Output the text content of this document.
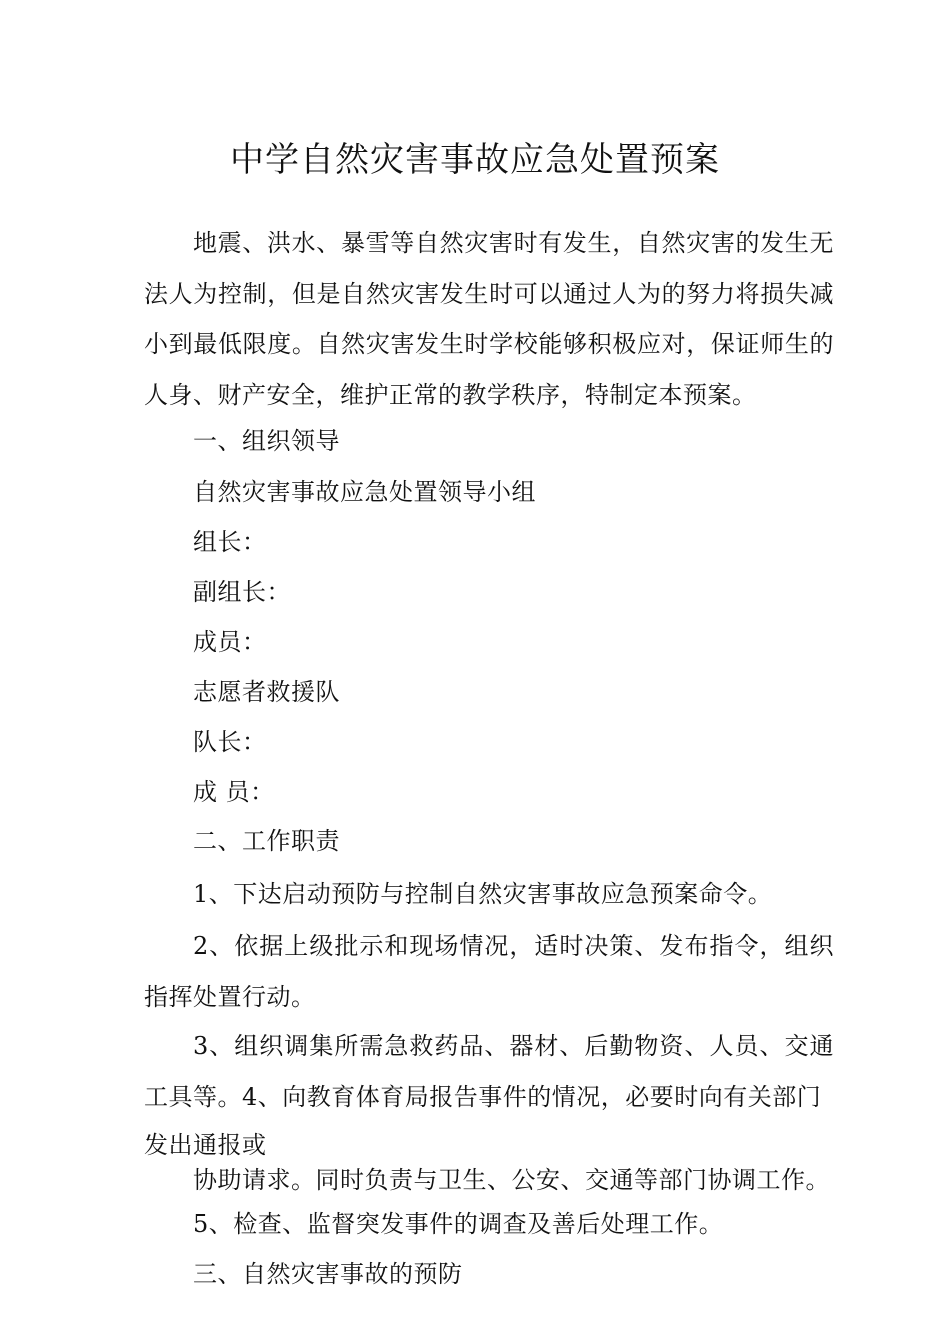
中学自然灾害事故应急处置预案

地震、洪水、暴雪等自然灾害时有发生，自然灾害的发生无法人为控制，但是自然灾害发生时可以通过人为的努力将损失减小到最低限度。自然灾害发生时学校能够积极应对，保证师生的人身、财产安全，维护正常的教学秩序，特制定本预案。

一、组织领导

自然灾害事故应急处置领导小组

组长：

副组长：

成员：

志愿者救援队

队长：

成 员：

二、工作职责

1、下达启动预防与控制自然灾害事故应急预案命令。

2、依据上级批示和现场情况，适时决策、发布指令，组织指挥处置行动。

3、组织调集所需急救药品、器材、后勤物资、人员、交通工具等。4、向教育体育局报告事件的情况，必要时向有关部门

发出通报或

协助请求。同时负责与卫生、公安、交通等部门协调工作。

5、检查、监督突发事件的调查及善后处理工作。

三、自然灾害事故的预防
